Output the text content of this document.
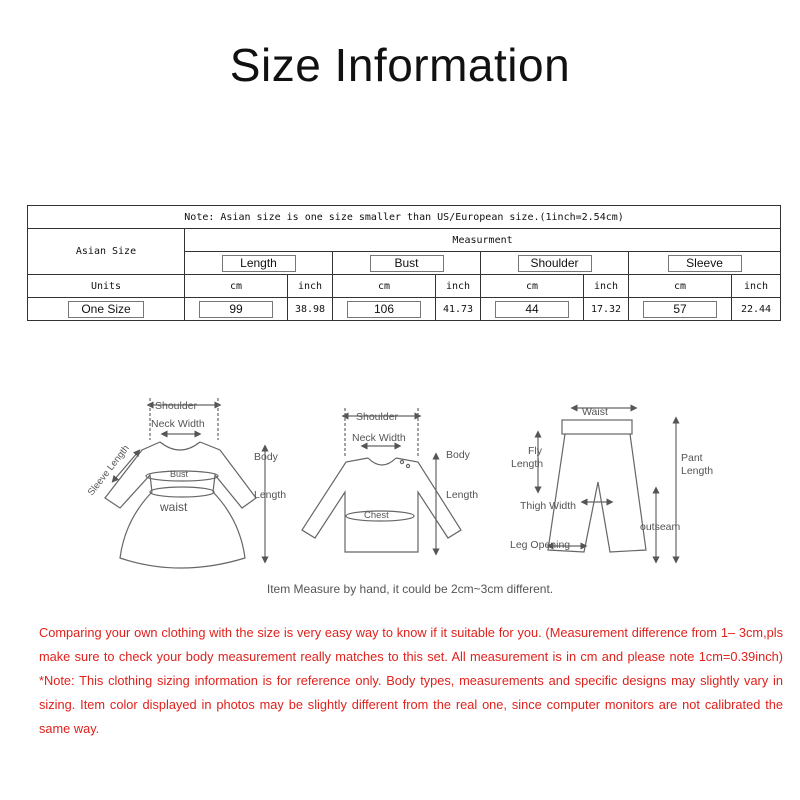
Size Information
Note: Asian size is one size smaller than US/European size.(1inch=2.54cm)								
Asian Size	Measurment							
	Length		Bust		Shoulder		Sleeve	
Units	cm	inch	cm	inch	cm	inch	cm	inch
One Size	99	38.98	106	41.73	44	17.32	57	22.44
Shoulder
Neck Width
Sleeve Length	Bust
waist
Body
Length
Shoulder
Neck Width
Chest
Body
Length
Waist
Fly
Length	Pant
Length
Thigh Width
outseam
Leg Opening
Item Measure by hand, it could be 2cm~3cm different.
Comparing your own clothing with the size is very easy way to know if it suitable for you. (Measurement difference from 1– 3cm,pls make sure to check your body measurement really matches to this set. All measurement is in cm and please note 1cm=0.39inch) *Note: This clothing sizing information is for reference only. Body types, measurements and specific designs may slightly vary in sizing. Item color displayed in photos may be slightly different from the real one, since computer monitors are not calibrated the same way.
